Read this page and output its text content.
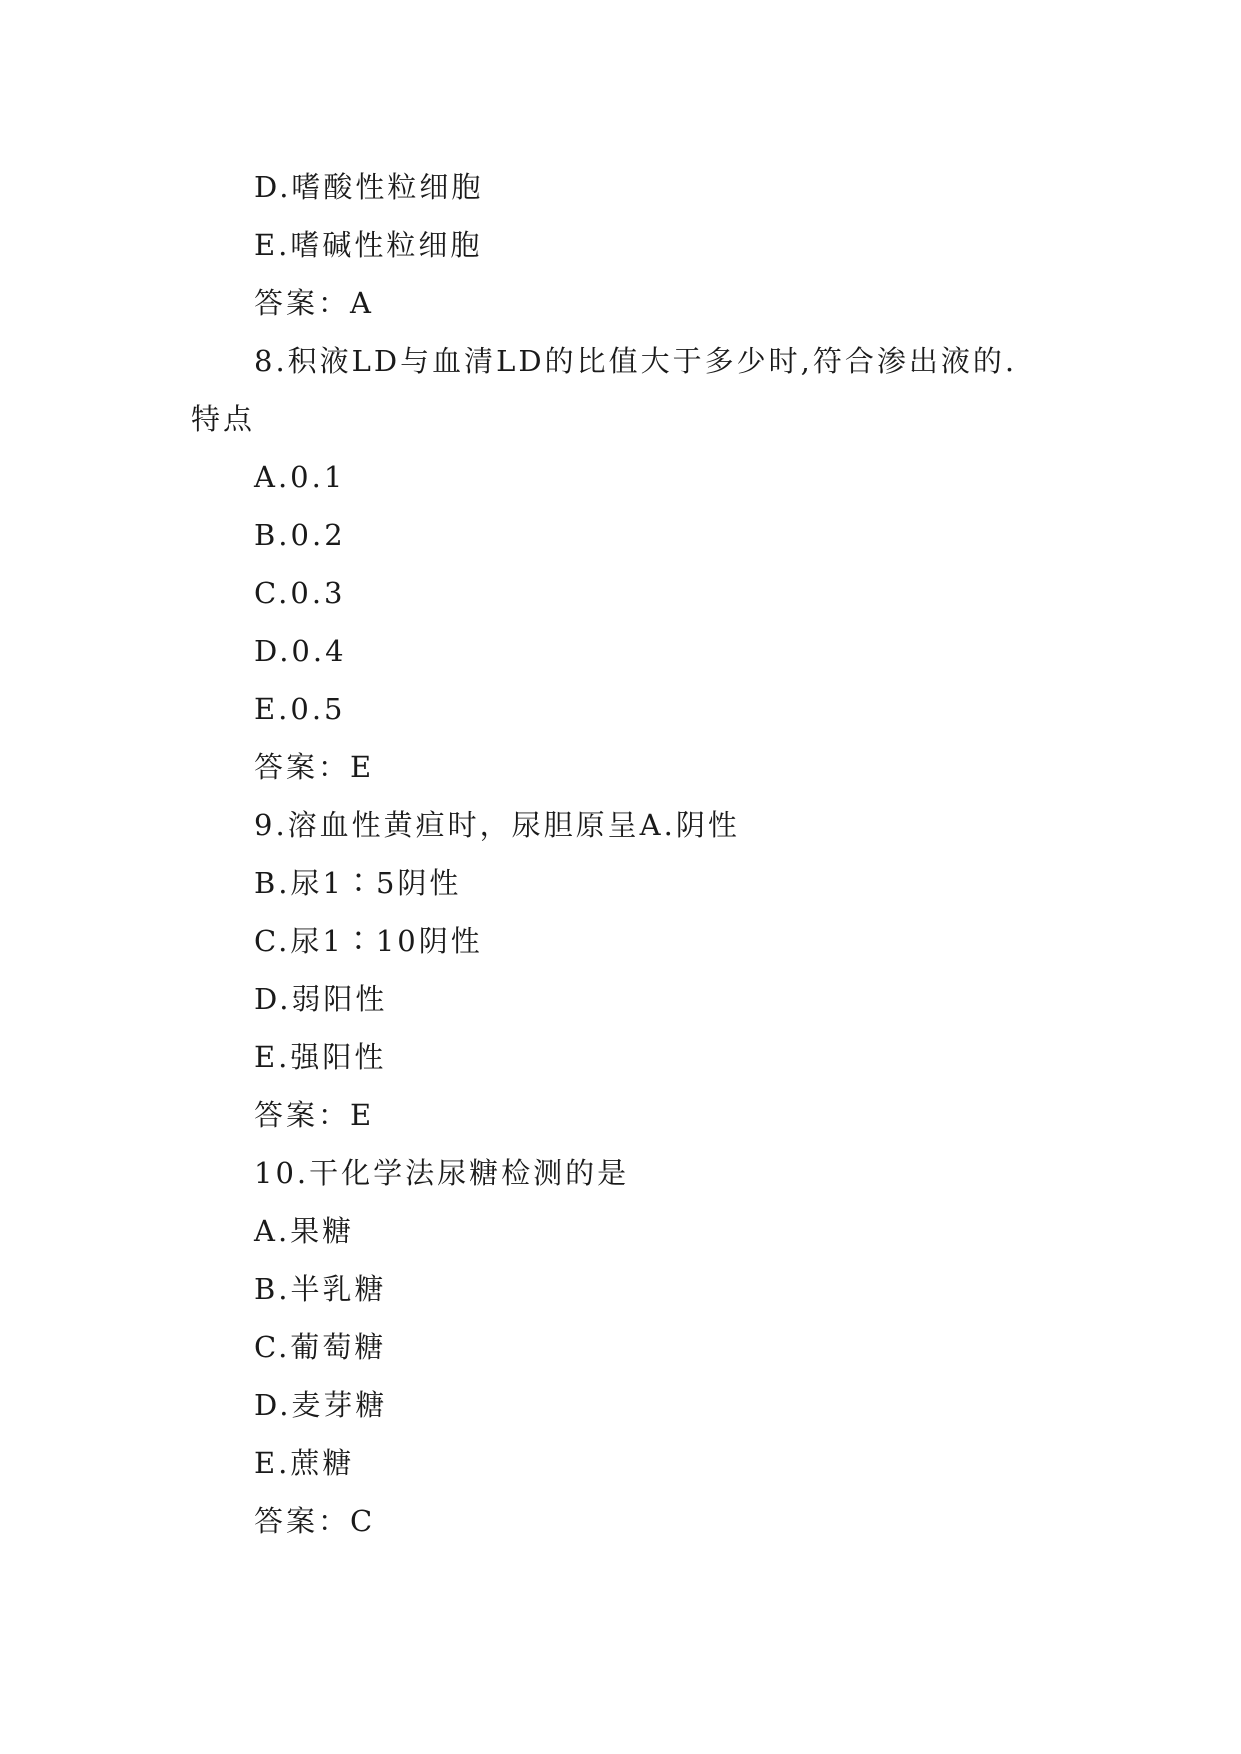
D.嗜酸性粒细胞
E.嗜碱性粒细胞
答案：A
8.积液LD与血清LD的比值大于多少时,符合渗出液的.
特点
A.0.1
B.0.2
C.0.3
D.0.4
E.0.5
答案：E
9.溶血性黄疸时，尿胆原呈A.阴性
B.尿1∶5阴性
C.尿1∶10阴性
D.弱阳性
E.强阳性
答案：E
10.干化学法尿糖检测的是
A.果糖
B.半乳糖
C.葡萄糖
D.麦芽糖
E.蔗糖
答案：C
